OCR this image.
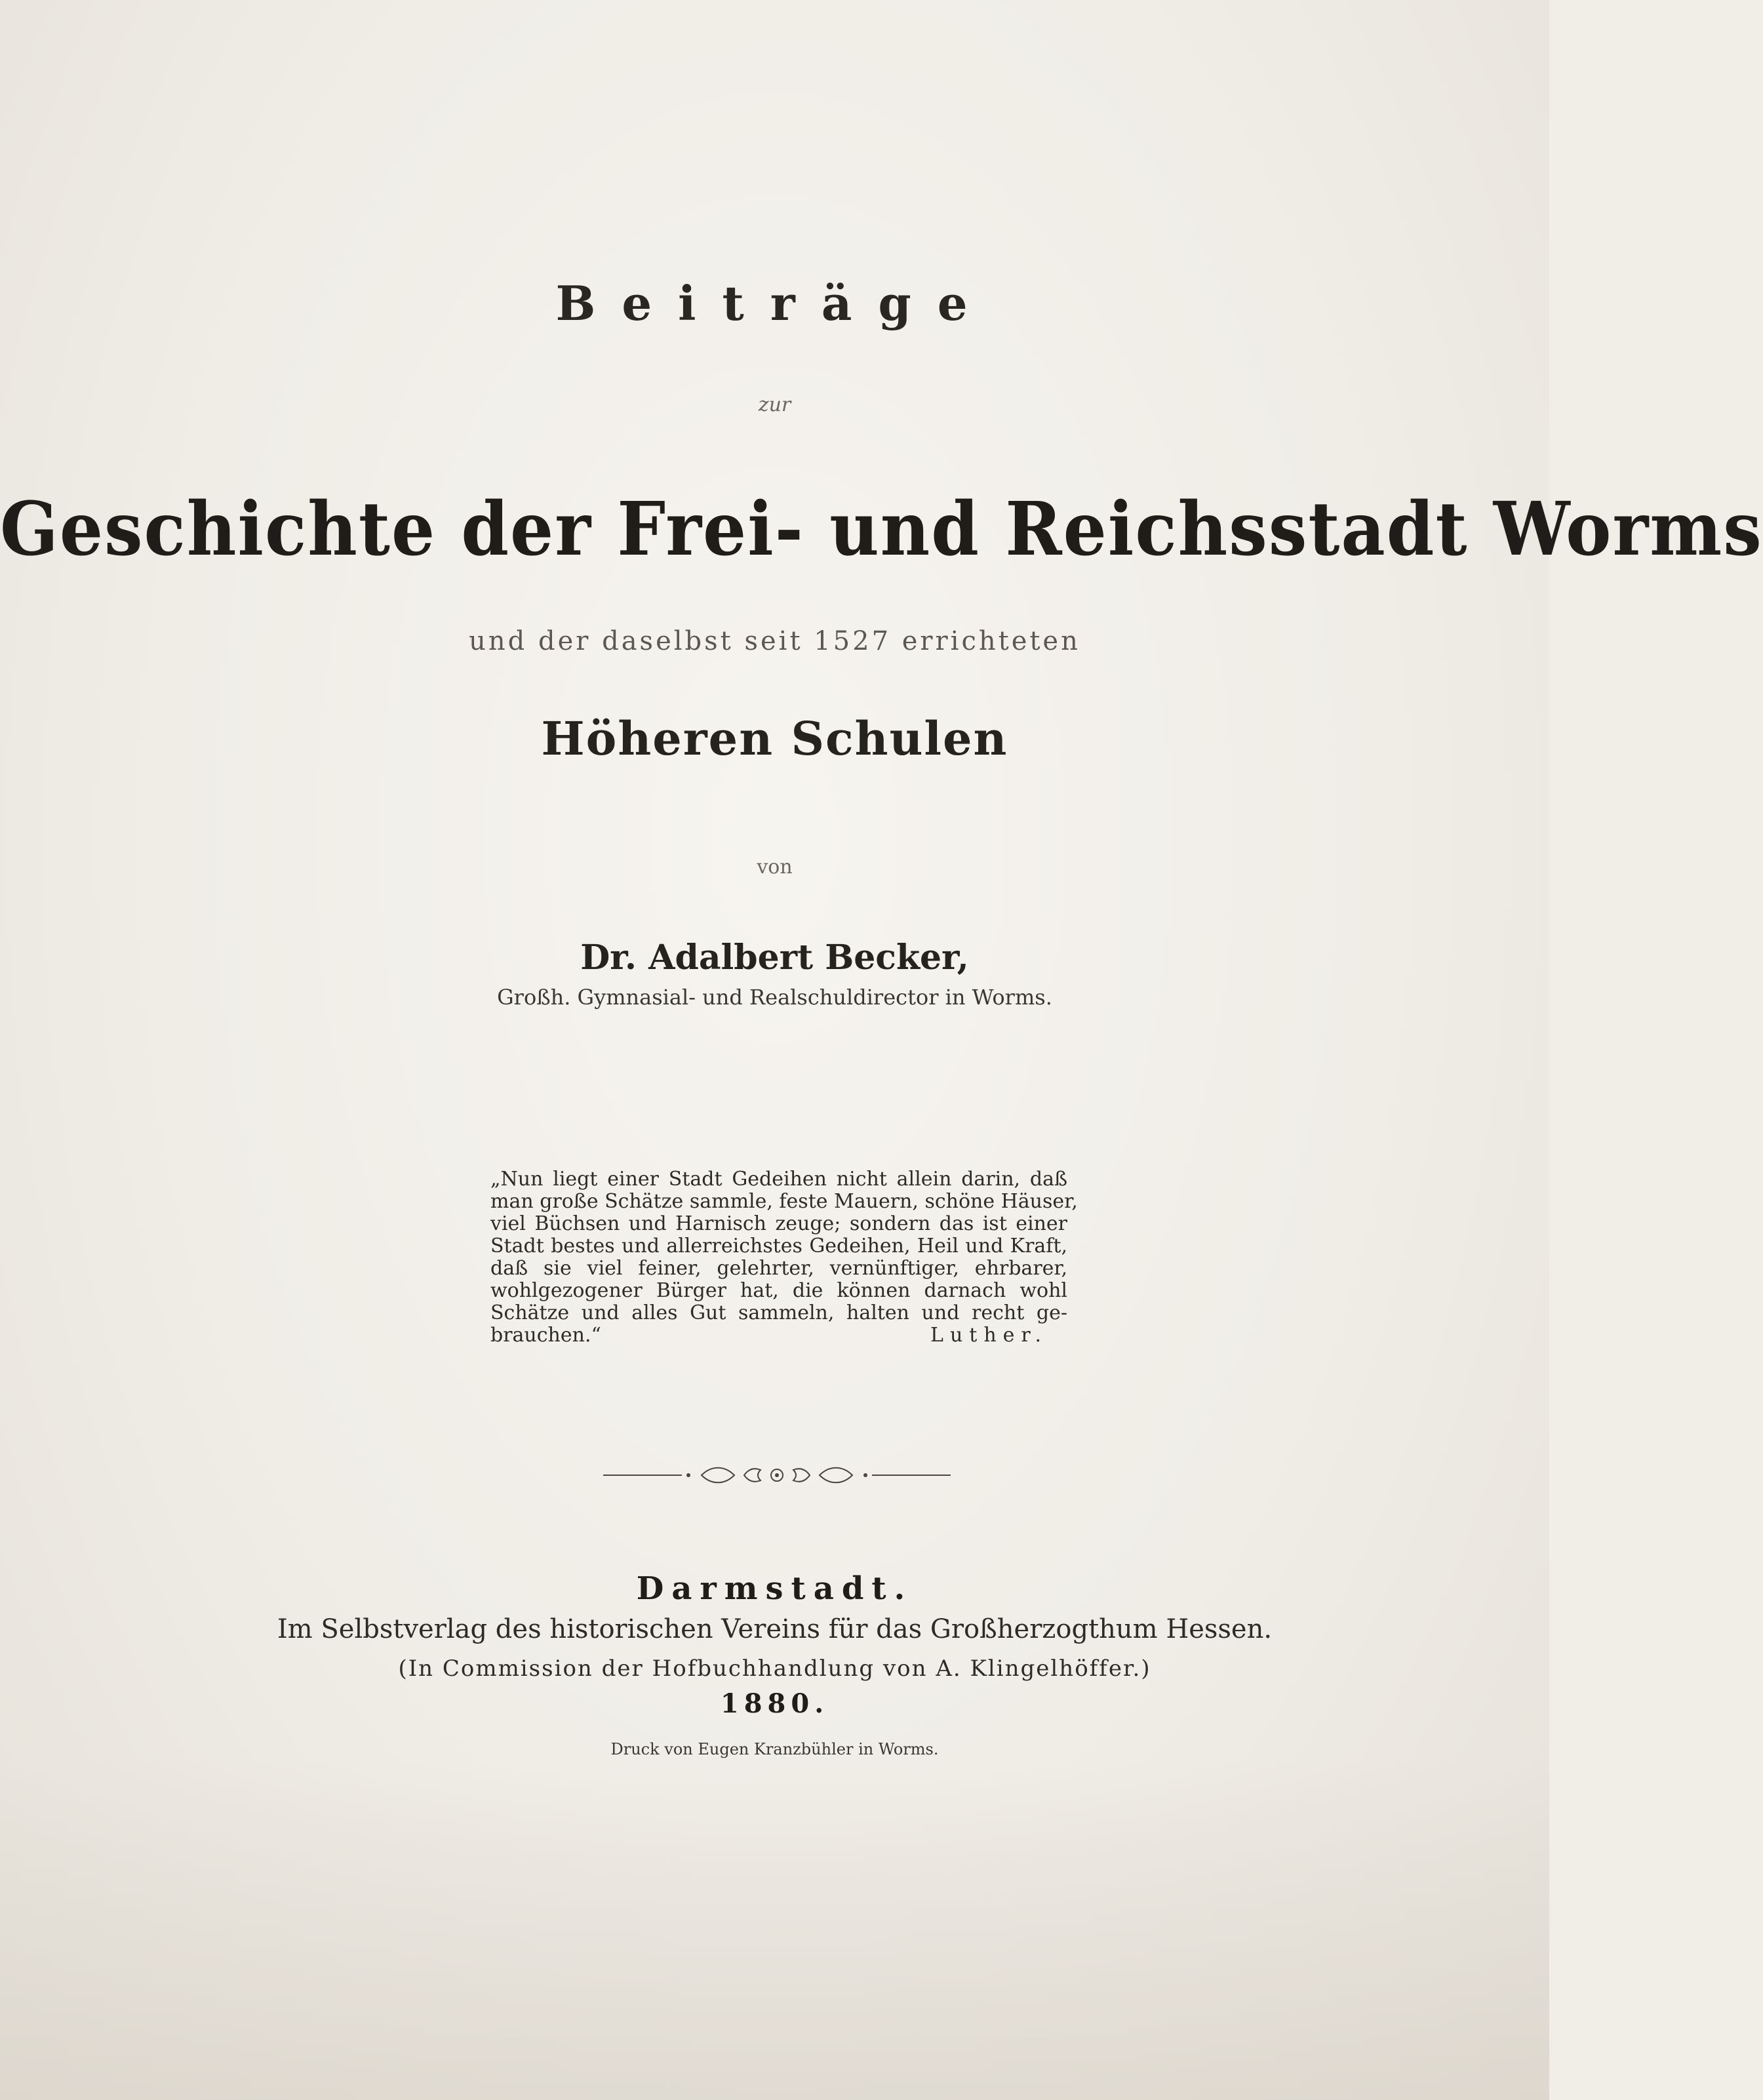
Beiträge
zur
Geschichte der Frei- und Reichsstadt Worms
und der daselbst seit 1527 errichteten
Höheren Schulen
von
Dr. Adalbert Becker,
Großh. Gymnasial- und Realschuldirector in Worms.
„Nun liegt einer Stadt Gedeihen nicht allein darin, daß
man große Schätze sammle, feste Mauern, schöne Häuser,
viel Büchsen und Harnisch zeuge; sondern das ist einer
Stadt bestes und allerreichstes Gedeihen, Heil und Kraft,
daß sie viel feiner, gelehrter, vernünftiger, ehrbarer,
wohlgezogener Bürger hat, die können darnach wohl
Schätze und alles Gut sammeln, halten und recht ge-
brauchen.“	Luther.
Darmstadt.
Im Selbstverlag des historischen Vereins für das Großherzogthum Hessen.
(In Commission der Hofbuchhandlung von A. Klingelhöffer.)
1880.
Druck von Eugen Kranzbühler in Worms.
